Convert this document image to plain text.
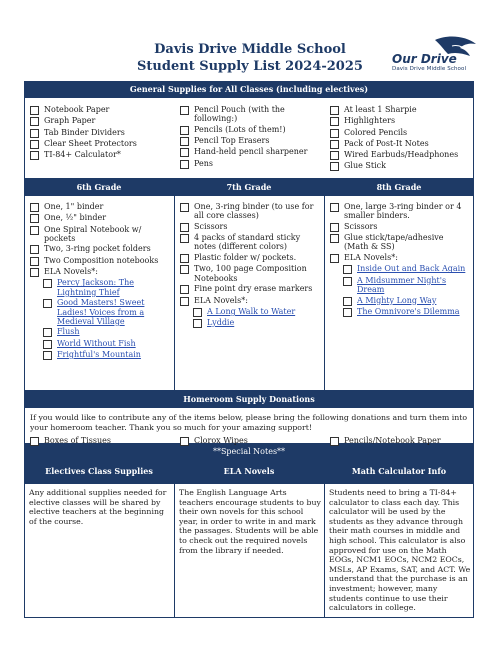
Davis Drive Middle School
Student Supply List 2024-2025	Our Drive
Davis Drive Middle School
General Supplies for All Classes (including electives)
Notebook Paper
Graph Paper
Tab Binder Dividers
Clear Sheet Protectors
TI-84+ Calculator*
Pencil Pouch (with the following:)
Pencils (Lots of them!)
Pencil Top Erasers
Hand-held pencil sharpener
Pens
At least 1 Sharpie
Highlighters
Colored Pencils
Pack of Post-It Notes
Wired Earbuds/Headphones
Glue Stick
6th Grade	7th Grade	8th Grade
One, 1" binder
One, ½" binder
One Spiral Notebook w/ pockets
Two, 3-ring pocket folders
Two Composition notebooks
ELA Novels*:
Percy Jackson: The Lightning Thief
Good Masters! Sweet Ladies! Voices from a Medieval Village
Flush
World Without Fish
Frightful's Mountain
One, 3-ring binder (to use for all core classes)
Scissors
4 packs of standard sticky notes (different colors)
Plastic folder w/ pockets.
Two, 100 page Composition Notebooks
Fine point dry erase markers
ELA Novels*:
A Long Walk to Water
Lyddie
One, large 3-ring binder or 4 smaller binders.
Scissors
Glue stick/tape/adhesive (Math & SS)
ELA Novels*:
Inside Out and Back Again
A Midsummer Night's Dream
A Mighty Long Way
The Omnivore's Dilemma
Homeroom Supply Donations
If you would like to contribute any of the items below, please bring the following donations and turn them into your homeroom teacher. Thank you so much for your amazing support!
**Special Notes**
Electives Class Supplies	ELA Novels	Math Calculator Info
Any additional supplies needed for elective classes will be shared by elective teachers at the beginning of the course.
The English Language Arts teachers encourage students to buy their own novels for this school year, in order to write in and mark the passages. Students will be able to check out the required novels from the library if needed.
Students need to bring a TI-84+ calculator to class each day. This calculator will be used by the students as they advance through their math courses in middle and high school. This calculator is also approved for use on the Math EOGs, NCM1 EOCs, NCM2 EOCs, MSLs, AP Exams, SAT, and ACT. We understand that the purchase is an investment; however, many students continue to use their calculators in college.
Boxes of Tissues	Clorox Wipes	Pencils/Notebook Paper
